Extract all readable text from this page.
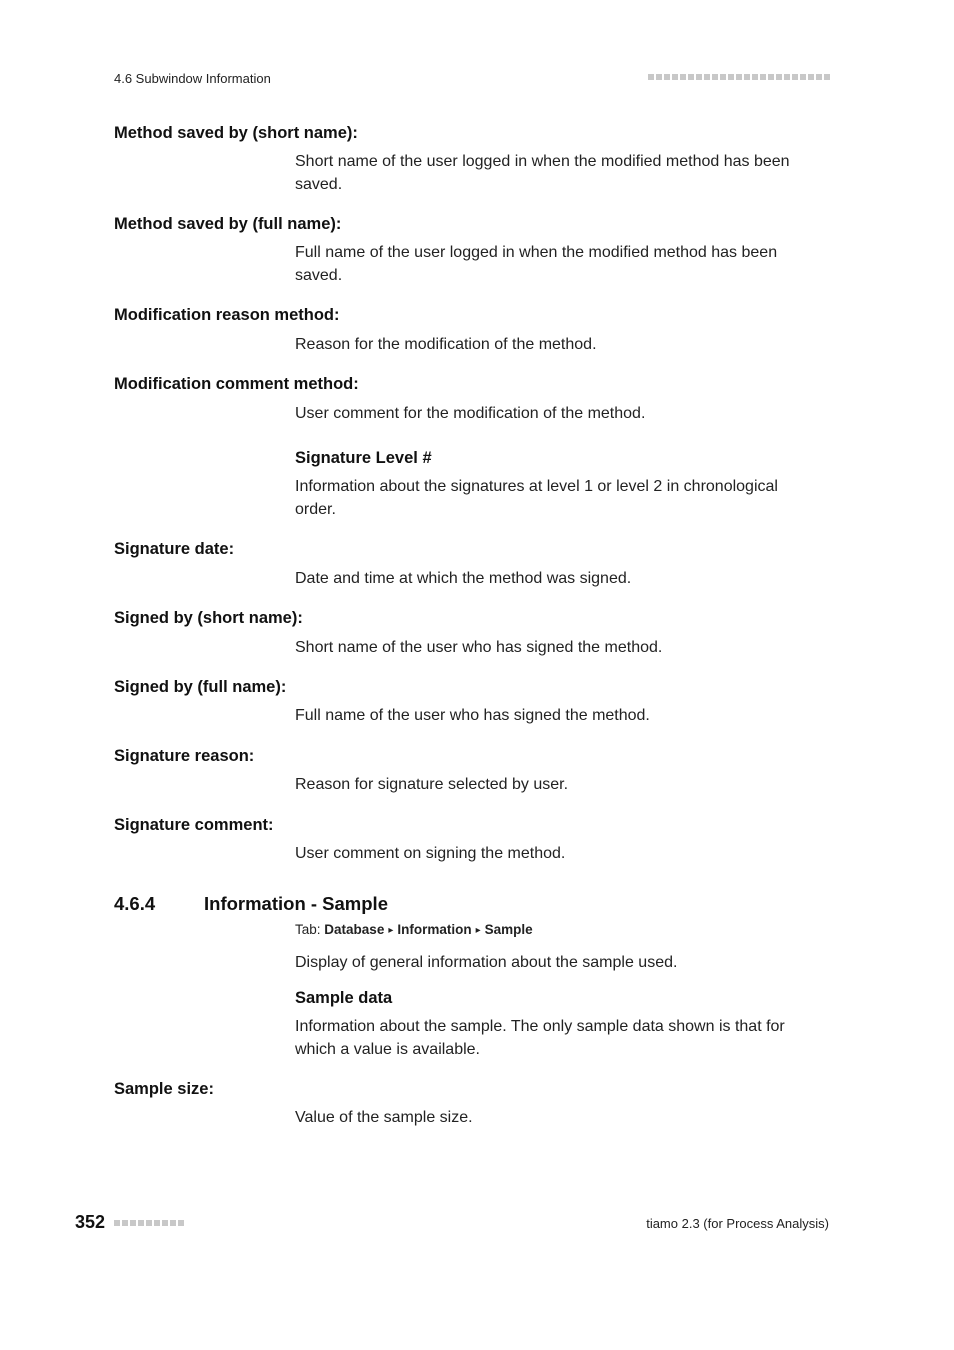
4.6 Subwindow Information
Method saved by (short name):
Short name of the user logged in when the modified method has been saved.
Method saved by (full name):
Full name of the user logged in when the modified method has been saved.
Modification reason method:
Reason for the modification of the method.
Modification comment method:
User comment for the modification of the method.
Signature Level #
Information about the signatures at level 1 or level 2 in chronological order.
Signature date:
Date and time at which the method was signed.
Signed by (short name):
Short name of the user who has signed the method.
Signed by (full name):
Full name of the user who has signed the method.
Signature reason:
Reason for signature selected by user.
Signature comment:
User comment on signing the method.
4.6.4	Information - Sample
Tab: Database ▸ Information ▸ Sample
Display of general information about the sample used.
Sample data
Information about the sample. The only sample data shown is that for which a value is available.
Sample size:
Value of the sample size.
352	tiamo 2.3 (for Process Analysis)
